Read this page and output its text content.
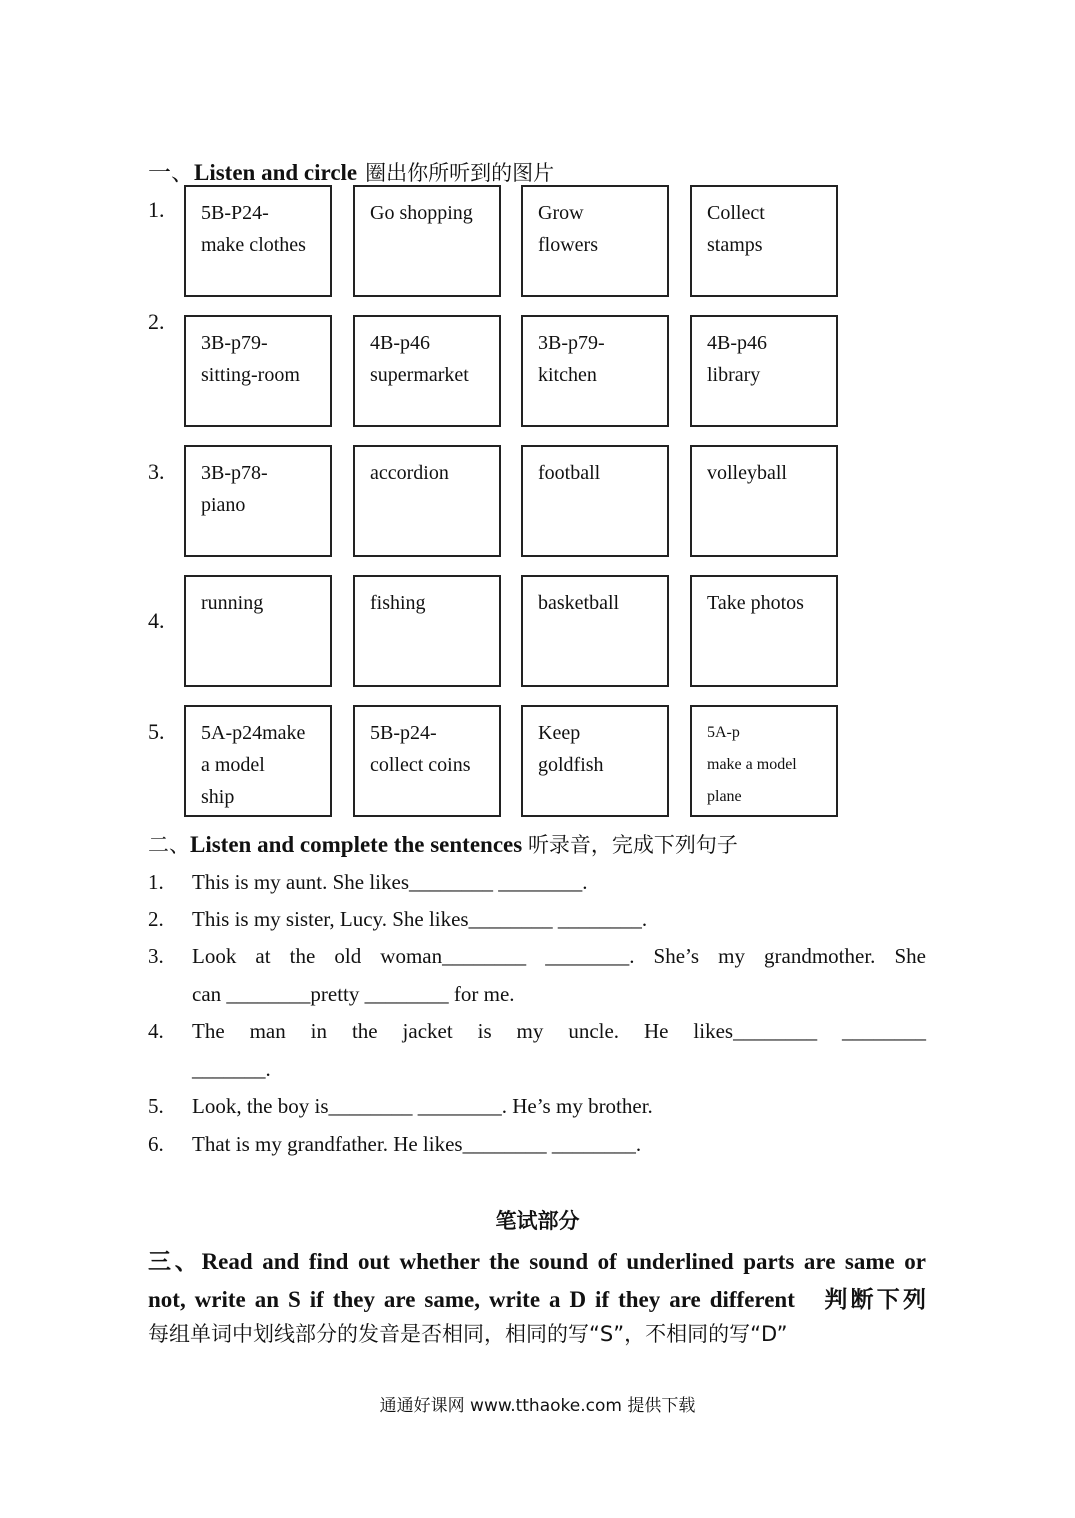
一、Listen and circle 圈出你所听到的图片
1.	5B-P24-
make clothes
Go shopping	Grow
flowers
Collect
stamps
2.
3B-p79-
sitting-room
4B-p46
supermarket
3B-p79-
kitchen
4B-p46
library
3.	3B-p78-
piano
accordion	football	volleyball
4.
running	fishing	basketball	Take photos
5.	5A-p24make
a model
ship
5B-p24-
collect coins
Keep
goldfish
5A-p
make a model
plane
二、Listen and complete the sentences 听录音，完成下列句子
1. This is my aunt. She likes________ ________.
2. This is my sister, Lucy. She likes________ ________.
3. Look at the old woman________ ________. She’s my grandmother. She
can ________pretty ________ for me.
4. The man in the jacket is my uncle. He likes________ ________
_______.
5. Look, the boy is________ ________. He’s my brother.
6. That is my grandfather. He likes________ ________.
笔试部分
三、Read and find out whether the sound of underlined parts are same or
not, write an S if they are same, write a D if they are different　判断下列
每组单词中划线部分的发音是否相同，相同的写“S”，不相同的写“D”
通通好课网 www.tthaoke.com 提供下载
